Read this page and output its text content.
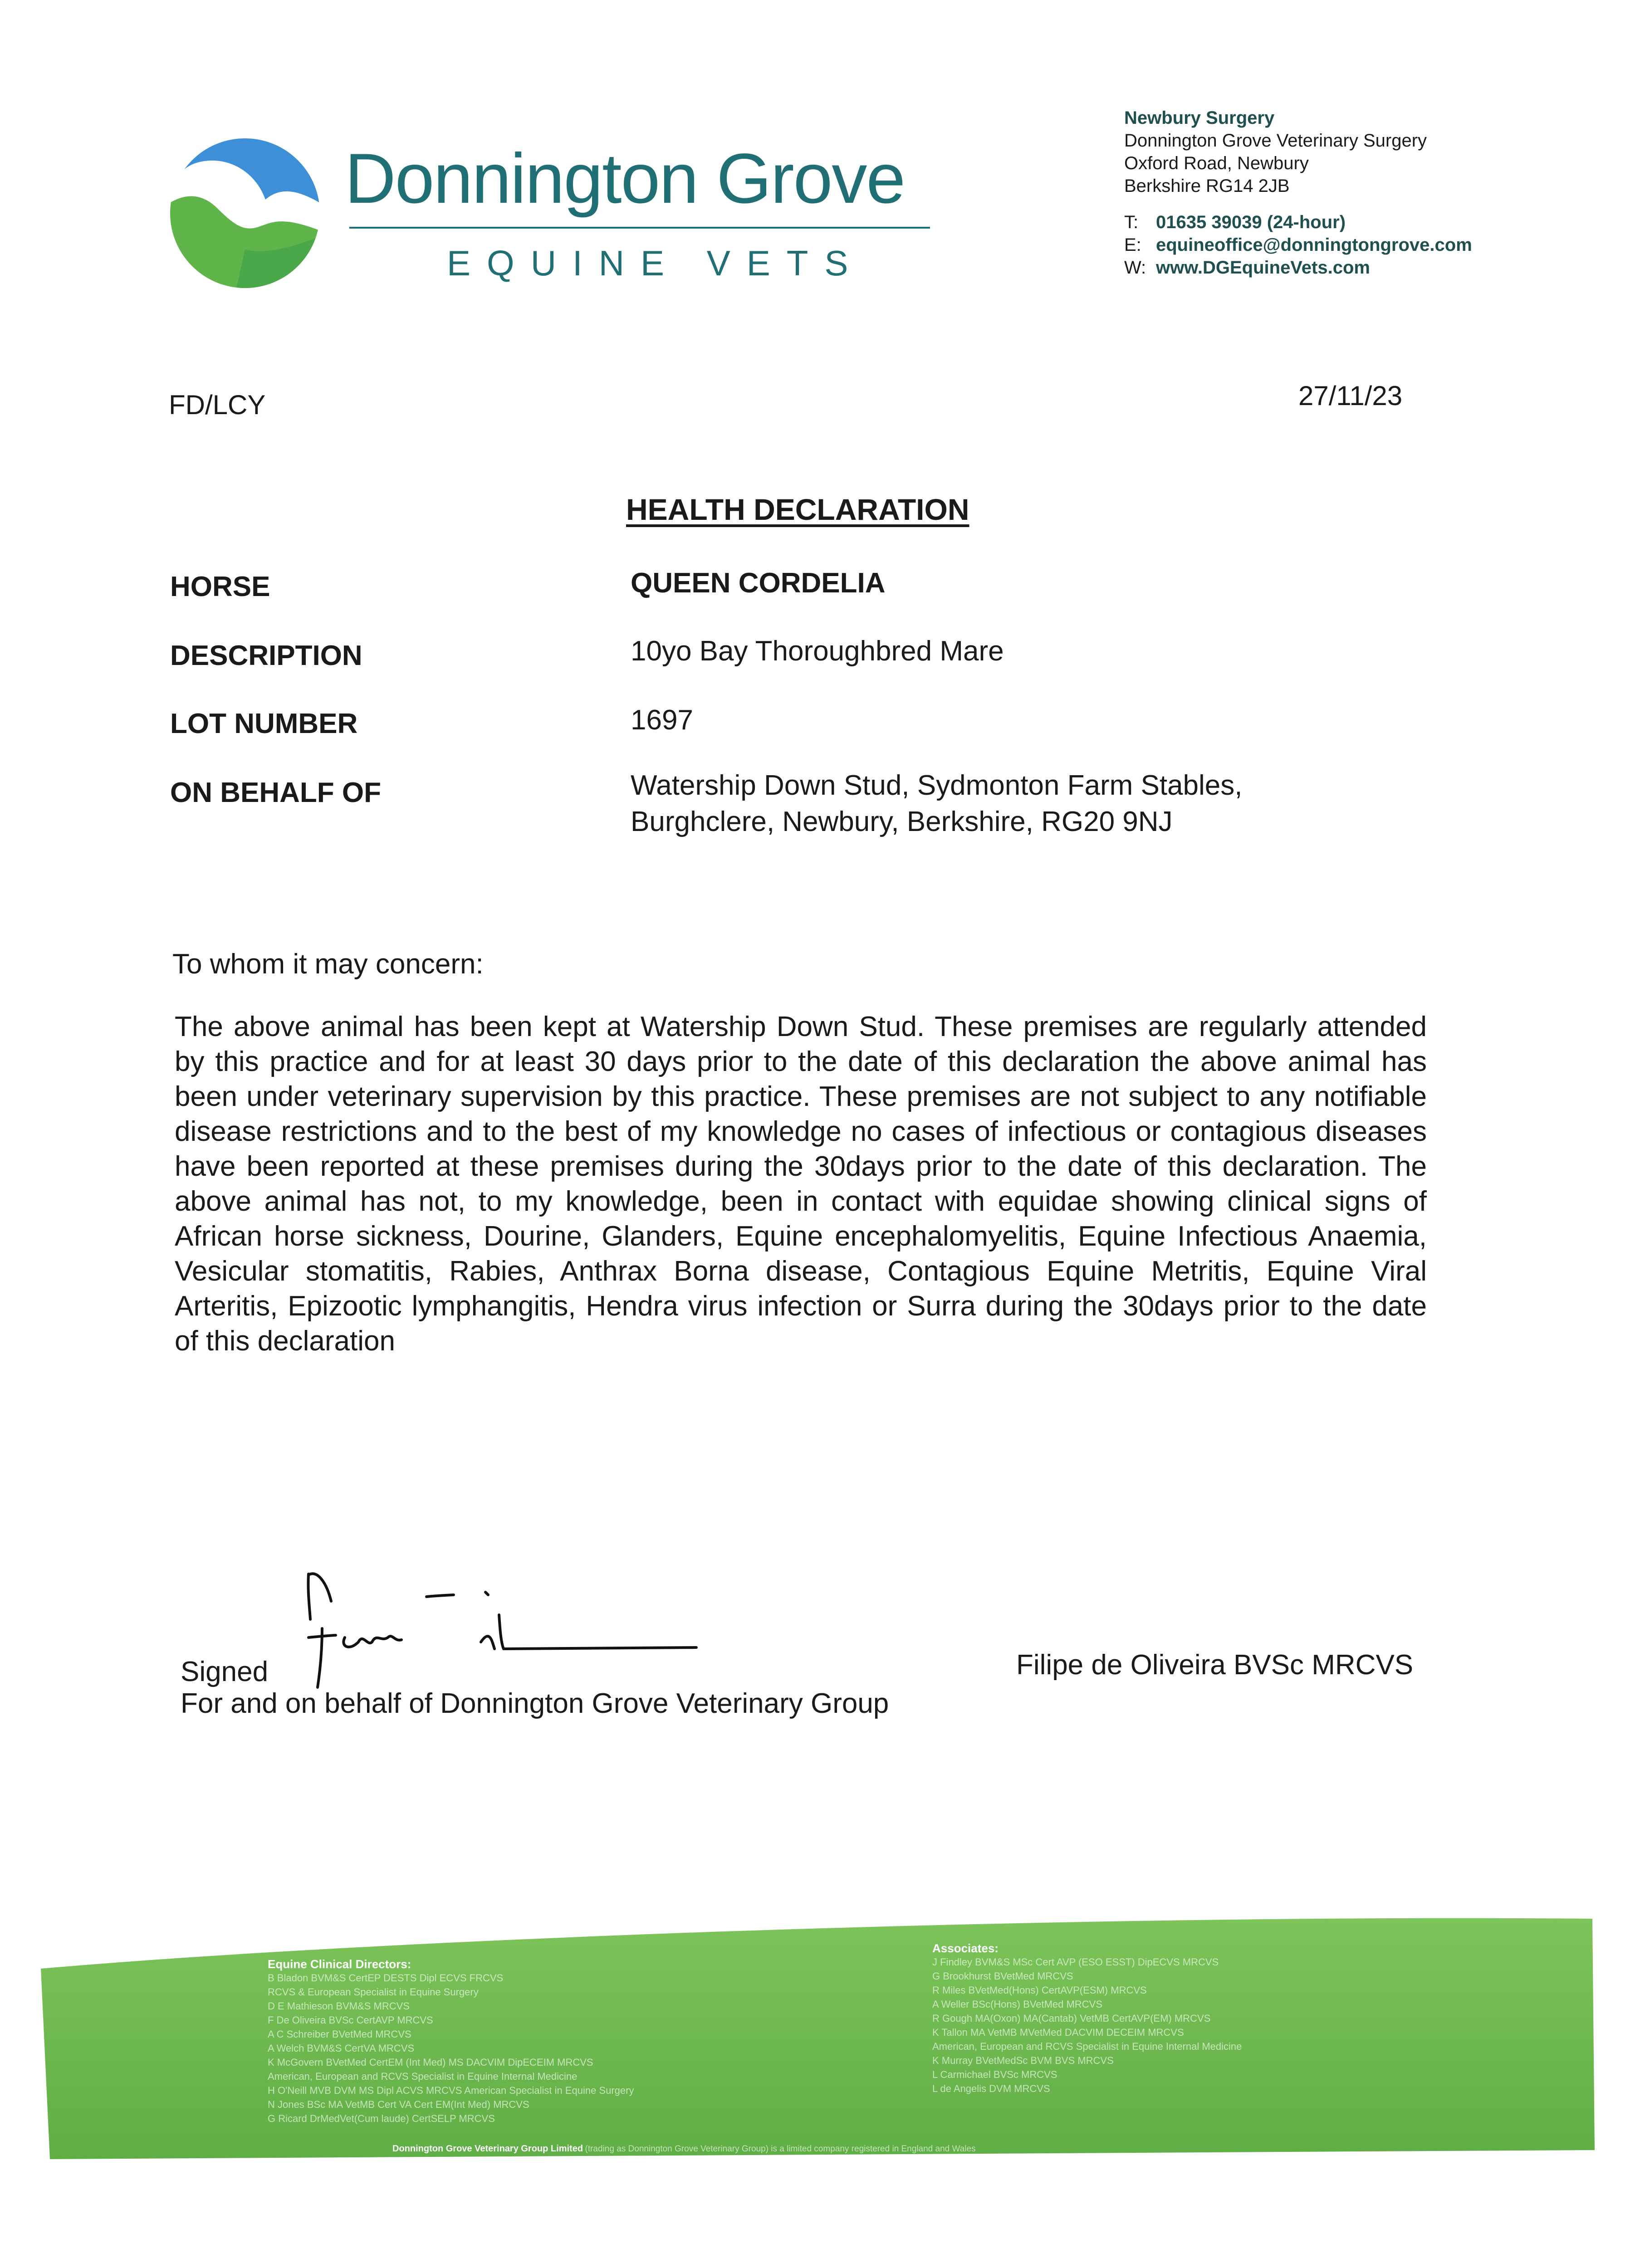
Donnington Grove
EQUINE VETS
Newbury Surgery
Donnington Grove Veterinary Surgery
Oxford Road, Newbury
Berkshire RG14 2JB
T: 01635 39039 (24-hour)
E: equineoffice@donningtongrove.com
W: www.DGEquineVets.com
FD/LCY	27/11/23
HEALTH DECLARATION
HORSE	QUEEN CORDELIA
DESCRIPTION	10yo Bay Thoroughbred Mare
LOT NUMBER	1697
ON BEHALF OF	Watership Down Stud, Sydmonton Farm Stables,
Burghclere, Newbury, Berkshire, RG20 9NJ
To whom it may concern:
The above animal has been kept at Watership Down Stud. These premises are regularly attended by this practice and for at least 30 days prior to the date of this declaration the above animal has been under veterinary supervision by this practice. These premises are not subject to any notifiable disease restrictions and to the best of my knowledge no cases of infectious or contagious diseases have been reported at these premises during the 30days prior to the date of this declaration. The above animal has not, to my knowledge, been in contact with equidae showing clinical signs of African horse sickness, Dourine, Glanders, Equine encephalomyelitis, Equine Infectious Anaemia, Vesicular stomatitis, Rabies, Anthrax Borna disease, Contagious Equine Metritis, Equine Viral Arteritis, Epizootic lymphangitis, Hendra virus infection or Surra during the 30days prior to the date of this declaration
Signed
For and on behalf of Donnington Grove Veterinary Group
Filipe de Oliveira BVSc MRCVS
Equine Clinical Directors:
B Bladon BVM&S CertEP DESTS Dipl ECVS FRCVS
RCVS & European Specialist in Equine Surgery
D E Mathieson BVM&S MRCVS
F De Oliveira BVSc CertAVP MRCVS
A C Schreiber BVetMed MRCVS
A Welch BVM&S CertVA MRCVS
K McGovern BVetMed CertEM (Int Med) MS DACVIM DipECEIM MRCVS
American, European and RCVS Specialist in Equine Internal Medicine
H O'Neill MVB DVM MS Dipl ACVS MRCVS American Specialist in Equine Surgery
N Jones BSc MA VetMB Cert VA Cert EM(Int Med) MRCVS
G Ricard DrMedVet(Cum laude) CertSELP MRCVS
Associates:
J Findley BVM&S MSc Cert AVP (ESO ESST) DipECVS MRCVS
G Brookhurst BVetMed MRCVS
R Miles BVetMed(Hons) CertAVP(ESM) MRCVS
A Weller BSc(Hons) BVetMed MRCVS
R Gough MA(Oxon) MA(Cantab) VetMB CertAVP(EM) MRCVS
K Tallon MA VetMB MVetMed DACVIM DECEIM MRCVS
American, European and RCVS Specialist in Equine Internal Medicine
K Murray BVetMedSc BVM BVS MRCVS
L Carmichael BVSc MRCVS
L de Angelis DVM MRCVS
Donnington Grove Veterinary Group Limited (trading as Donnington Grove Veterinary Group) is a limited company registered in England and Wales
Registration Number 08545050 Registered Office The Chocolate Factory, Keynsham, Bristol BS31 2AU Tel 01225 481320 VAT Number 115 1416 58
